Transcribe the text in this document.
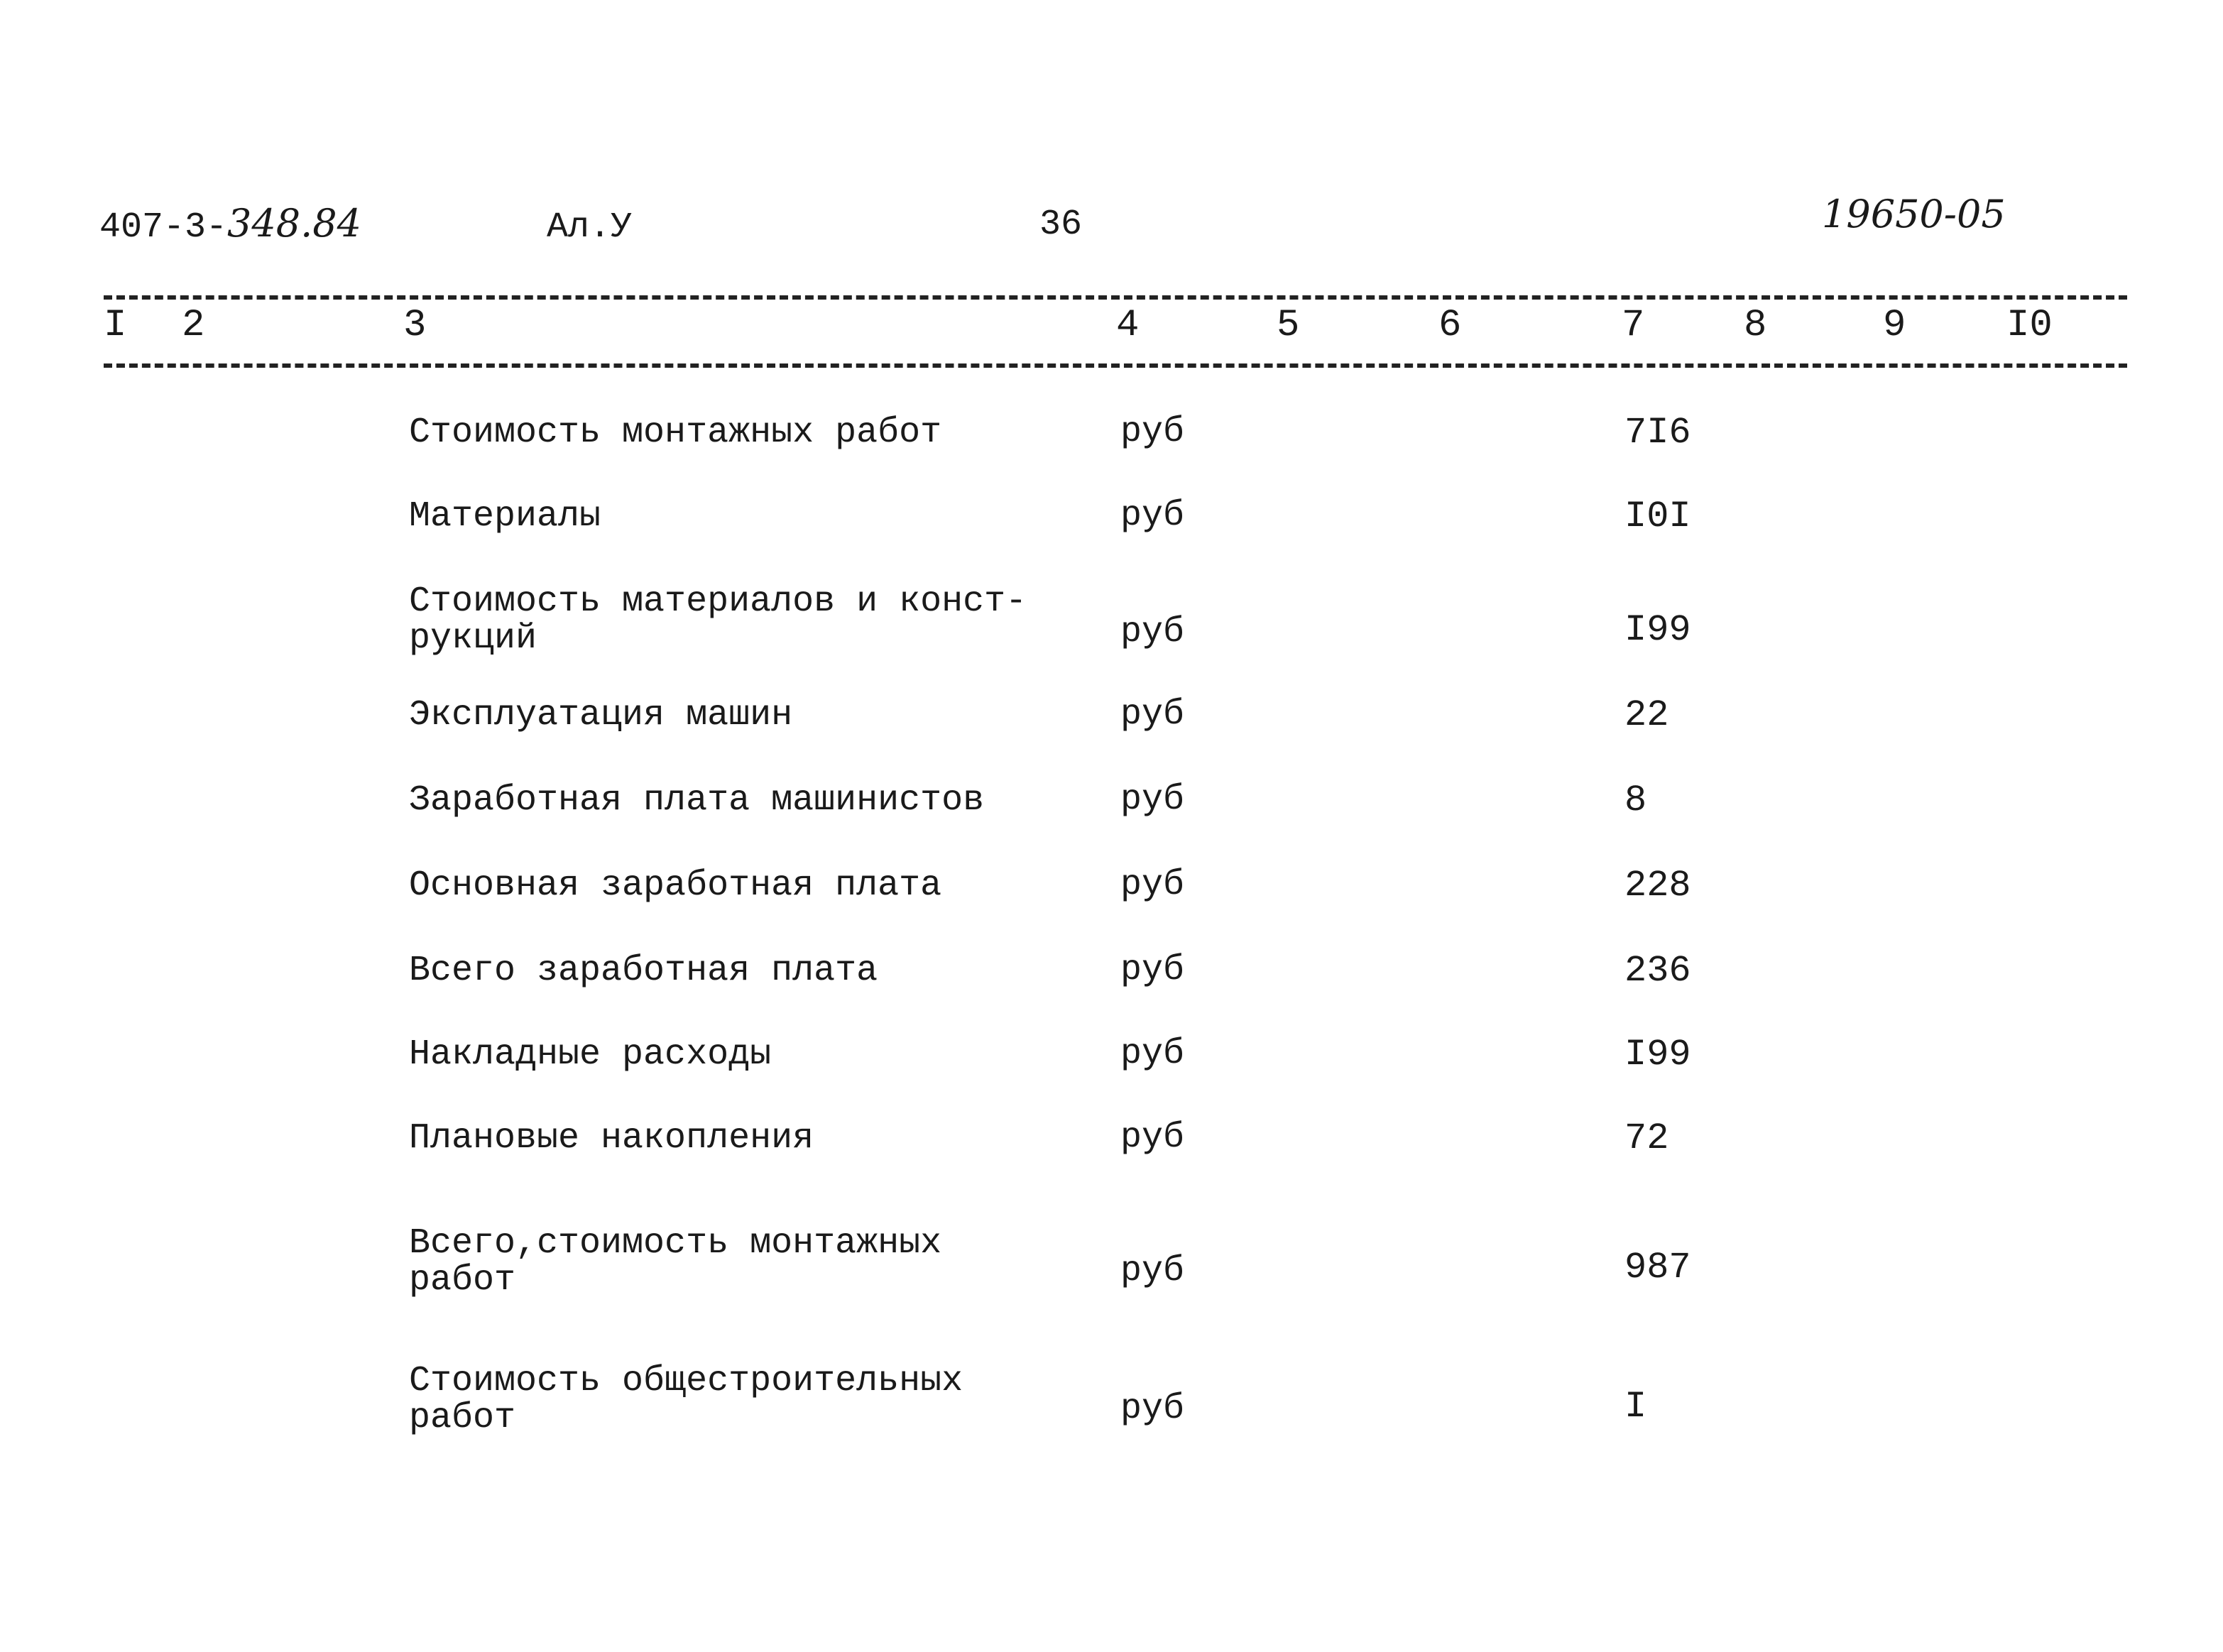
407-3-348.84	Ал.У	36	19650-05
I 2	3	4	5	6	7	8	9	I0
Стоимость монтажных работ	руб	7I6
Материалы	руб	I0I
Стоимость материалов и конст-
рукций	руб	I99
Эксплуатация машин	руб	22
Заработная плата машинистов	руб	8
Основная заработная плата	руб	228
Всего заработная плата	руб	236
Накладные расходы	руб	I99
Плановые накопления	руб	72
Всего,стоимость монтажных
работ	руб	987
Стоимость общестроительных
работ	руб	I
